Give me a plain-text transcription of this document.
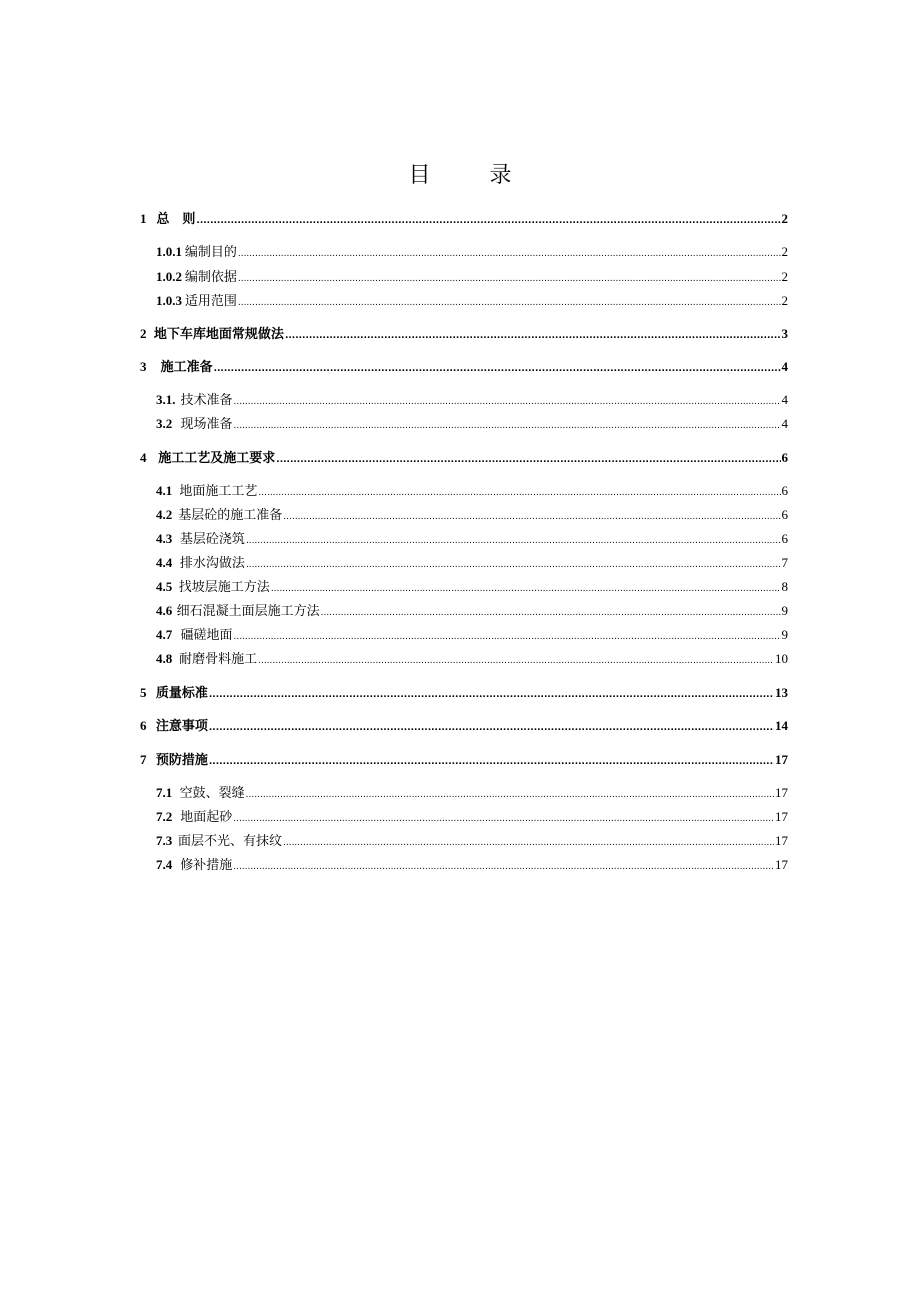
目 录
1 总　则 .....	2
1.0.1 编制目的 .....	2
1.0.2 编制依据 .....	2
1.0.3 适用范围 .....	2
2 地下车库地面常规做法 .....	3
3	施工准备 .....	4
3.1. 技术准备 .....	4
3.2 现场准备 .....	4
4 施工工艺及施工要求 .....	6
4.1 地面施工工艺 .....	6
4.2 基层砼的施工准备 .....	6
4.3 基层砼浇筑 .....	6
4.4 排水沟做法 .....	7
4.5 找坡层施工方法 .....	8
4.6 细石混凝土面层施工方法 .....	9
4.7 礓磋地面 .....	9
4.8 耐磨骨料施工 .....	10
5 质量标准 .....	13
6 注意事项 .....	14
7 预防措施 .....	17
7.1 空鼓、裂缝 .....	17
7.2 地面起砂 .....	17
7.3 面层不光、有抹纹 .....	17
7.4 修补措施 .....	17
